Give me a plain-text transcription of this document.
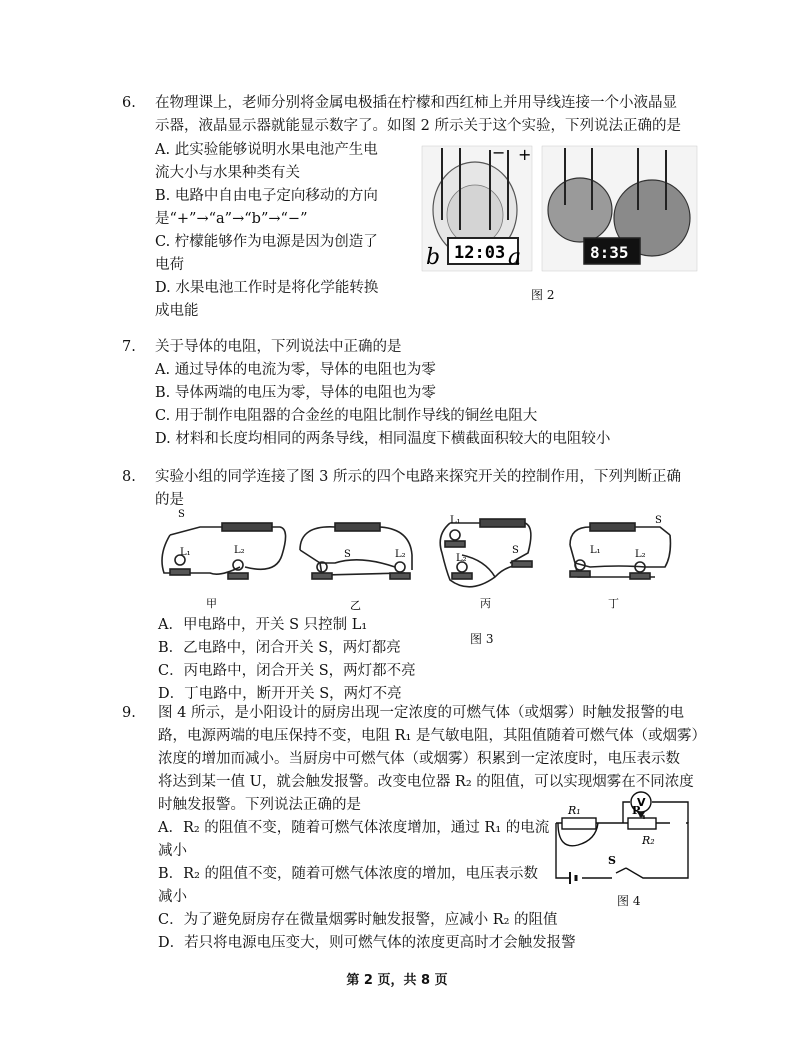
6. 在物理课上，老师分别将金属电极插在柠檬和西红柿上并用导线连接一个小液晶显
示器，液晶显示器就能显示数字了。如图 2 所示关于这个实验，下列说法正确的是
A. 此实验能够说明水果电池产生电
流大小与水果种类有关
B. 电路中自由电子定向移动的方向
是“+”→“a”→“b”→“−”
C. 柠檬能够作为电源是因为创造了
电荷
D. 水果电池工作时是将化学能转换
成电能
− +
b 12:03 a	8:35
图 2
7. 关于导体的电阻，下列说法中正确的是
A. 通过导体的电流为零，导体的电阻也为零
B. 导体两端的电压为零，导体的电阻也为零
C. 用于制作电阻器的合金丝的电阻比制作导线的铜丝电阻大
D. 材料和长度均相同的两条导线，相同温度下横截面积较大的电阻较小
8. 实验小组的同学连接了图 3 所示的四个电路来探究开关的控制作用，下列判断正确
的是
S
L₁	L₂	S	L₂
L₁
L₂
S
S
L₁	L₂
甲	乙	丙	丁
A．甲电路中，开关 S 只控制 L₁
图 3
B．乙电路中，闭合开关 S，两灯都亮
C．丙电路中，闭合开关 S，两灯都不亮
D．丁电路中，断开开关 S，两灯不亮
9. 图 4 所示，是小阳设计的厨房出现一定浓度的可燃气体（或烟雾）时触发报警的电
路，电源两端的电压保持不变，电阻 R₁ 是气敏电阻，其阻值随着可燃气体（或烟雾）
浓度的增加而减小。当厨房中可燃气体（或烟雾）积累到一定浓度时，电压表示数
将达到某一值 U，就会触发报警。改变电位器 R₂ 的阻值，可以实现烟雾在不同浓度
时触发报警。下列说法正确的是
A．R₂ 的阻值不变，随着可燃气体浓度增加，通过 R₁ 的电流
减小
B．R₂ 的阻值不变，随着可燃气体浓度的增加，电压表示数
减小
C．为了避免厨房存在微量烟雾时触发报警，应减小 R₂ 的阻值
D．若只将电源电压变大，则可燃气体的浓度更高时才会触发报警
V
R₁	P
R₂
S
图 4
第 2 页，共 8 页
